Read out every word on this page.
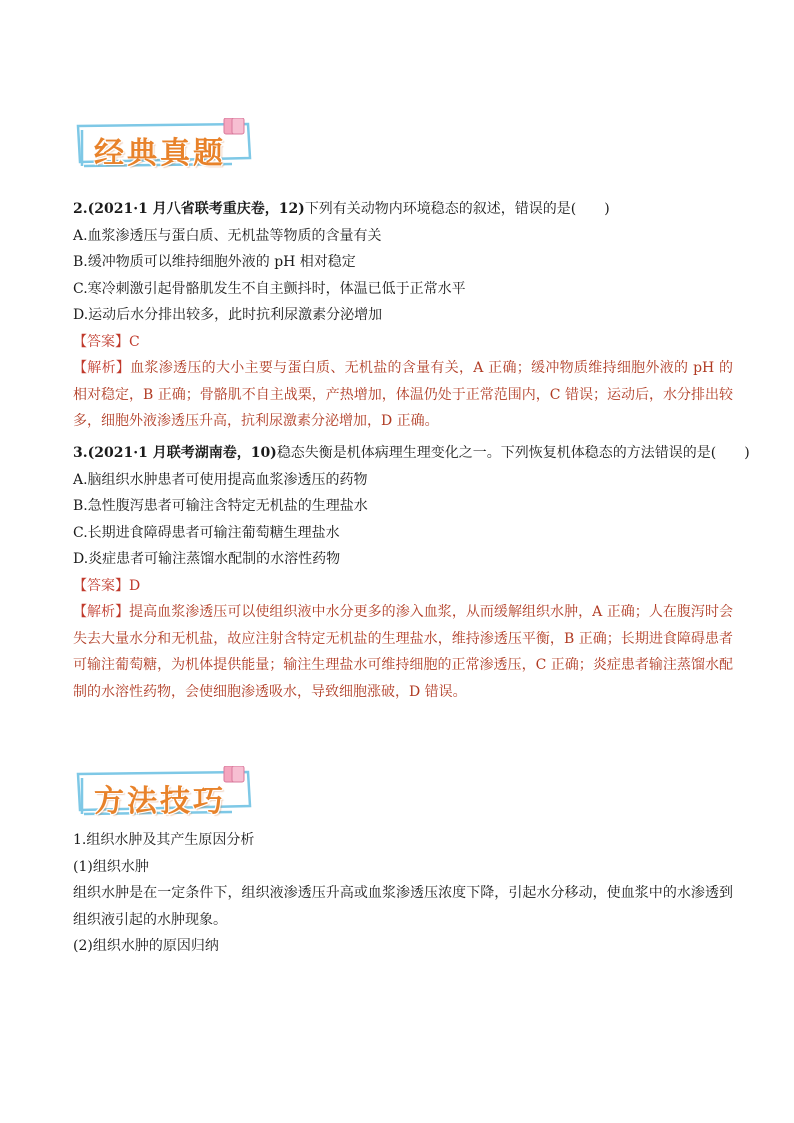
经典真题
2.(2021·1 月八省联考重庆卷，12)下列有关动物内环境稳态的叙述，错误的是(　　)
A.血浆渗透压与蛋白质、无机盐等物质的含量有关
B.缓冲物质可以维持细胞外液的 pH 相对稳定
C.寒冷刺激引起骨骼肌发生不自主颤抖时，体温已低于正常水平
D.运动后水分排出较多，此时抗利尿激素分泌增加
【答案】C
【解析】血浆渗透压的大小主要与蛋白质、无机盐的含量有关，A 正确；缓冲物质维持细胞外液的 pH 的相对稳定，B 正确；骨骼肌不自主战栗，产热增加，体温仍处于正常范围内，C 错误；运动后，水分排出较多，细胞外液渗透压升高，抗利尿激素分泌增加，D 正确。
3.(2021·1 月联考湖南卷，10)稳态失衡是机体病理生理变化之一。下列恢复机体稳态的方法错误的是(　　)
A.脑组织水肿患者可使用提高血浆渗透压的药物
B.急性腹泻患者可输注含特定无机盐的生理盐水
C.长期进食障碍患者可输注葡萄糖生理盐水
D.炎症患者可输注蒸馏水配制的水溶性药物
【答案】D
【解析】提高血浆渗透压可以使组织液中水分更多的渗入血浆，从而缓解组织水肿，A 正确；人在腹泻时会失去大量水分和无机盐，故应注射含特定无机盐的生理盐水，维持渗透压平衡，B 正确；长期进食障碍患者可输注葡萄糖，为机体提供能量；输注生理盐水可维持细胞的正常渗透压，C 正确；炎症患者输注蒸馏水配制的水溶性药物，会使细胞渗透吸水，导致细胞涨破，D 错误。
方法技巧
1.组织水肿及其产生原因分析
(1)组织水肿
组织水肿是在一定条件下，组织液渗透压升高或血浆渗透压浓度下降，引起水分移动，使血浆中的水渗透到组织液引起的水肿现象。
(2)组织水肿的原因归纳
